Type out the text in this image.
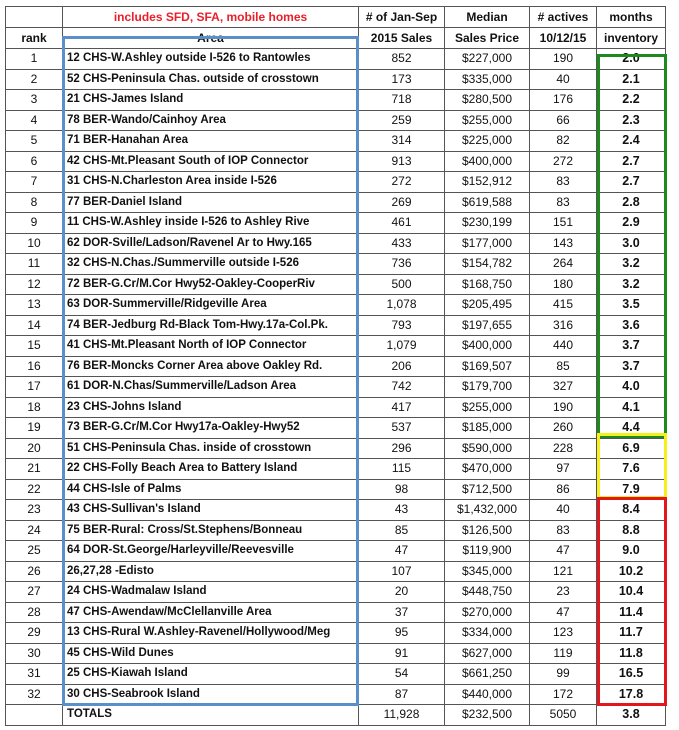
	includes SFD, SFA, mobile homes	# of Jan-Sep	Median	# actives	months
rank	Area	2015 Sales	Sales Price	10/12/15	inventory
1	12 CHS-W.Ashley outside I-526 to Rantowles	852	$227,000	190	2.0
2	52 CHS-Peninsula Chas. outside of crosstown	173	$335,000	40	2.1
3	21 CHS-James Island	718	$280,500	176	2.2
4	78 BER-Wando/Cainhoy Area	259	$255,000	66	2.3
5	71 BER-Hanahan Area	314	$225,000	82	2.4
6	42 CHS-Mt.Pleasant South of IOP Connector	913	$400,000	272	2.7
7	31 CHS-N.Charleston Area inside I-526	272	$152,912	83	2.7
8	77 BER-Daniel Island	269	$619,588	83	2.8
9	11 CHS-W.Ashley inside I-526 to Ashley Rive	461	$230,199	151	2.9
10	62 DOR-Sville/Ladson/Ravenel Ar to Hwy.165	433	$177,000	143	3.0
11	32 CHS-N.Chas./Summerville outside I-526	736	$154,782	264	3.2
12	72 BER-G.Cr/M.Cor Hwy52-Oakley-CooperRiv	500	$168,750	180	3.2
13	63 DOR-Summerville/Ridgeville Area	1,078	$205,495	415	3.5
14	74 BER-Jedburg Rd-Black Tom-Hwy.17a-Col.Pk.	793	$197,655	316	3.6
15	41 CHS-Mt.Pleasant North of IOP Connector	1,079	$400,000	440	3.7
16	76 BER-Moncks Corner Area above Oakley Rd.	206	$169,507	85	3.7
17	61 DOR-N.Chas/Summerville/Ladson Area	742	$179,700	327	4.0
18	23 CHS-Johns Island	417	$255,000	190	4.1
19	73 BER-G.Cr/M.Cor Hwy17a-Oakley-Hwy52	537	$185,000	260	4.4
20	51 CHS-Peninsula Chas. inside of crosstown	296	$590,000	228	6.9
21	22 CHS-Folly Beach Area to Battery Island	115	$470,000	97	7.6
22	44 CHS-Isle of Palms	98	$712,500	86	7.9
23	43 CHS-Sullivan's Island	43	$1,432,000	40	8.4
24	75 BER-Rural: Cross/St.Stephens/Bonneau	85	$126,500	83	8.8
25	64 DOR-St.George/Harleyville/Reevesville	47	$119,900	47	9.0
26	26,27,28 -Edisto	107	$345,000	121	10.2
27	24 CHS-Wadmalaw Island	20	$448,750	23	10.4
28	47 CHS-Awendaw/McClellanville Area	37	$270,000	47	11.4
29	13 CHS-Rural W.Ashley-Ravenel/Hollywood/Meg	95	$334,000	123	11.7
30	45 CHS-Wild Dunes	91	$627,000	119	11.8
31	25 CHS-Kiawah Island	54	$661,250	99	16.5
32	30 CHS-Seabrook Island	87	$440,000	172	17.8
	TOTALS	11,928	$232,500	5050	3.8
